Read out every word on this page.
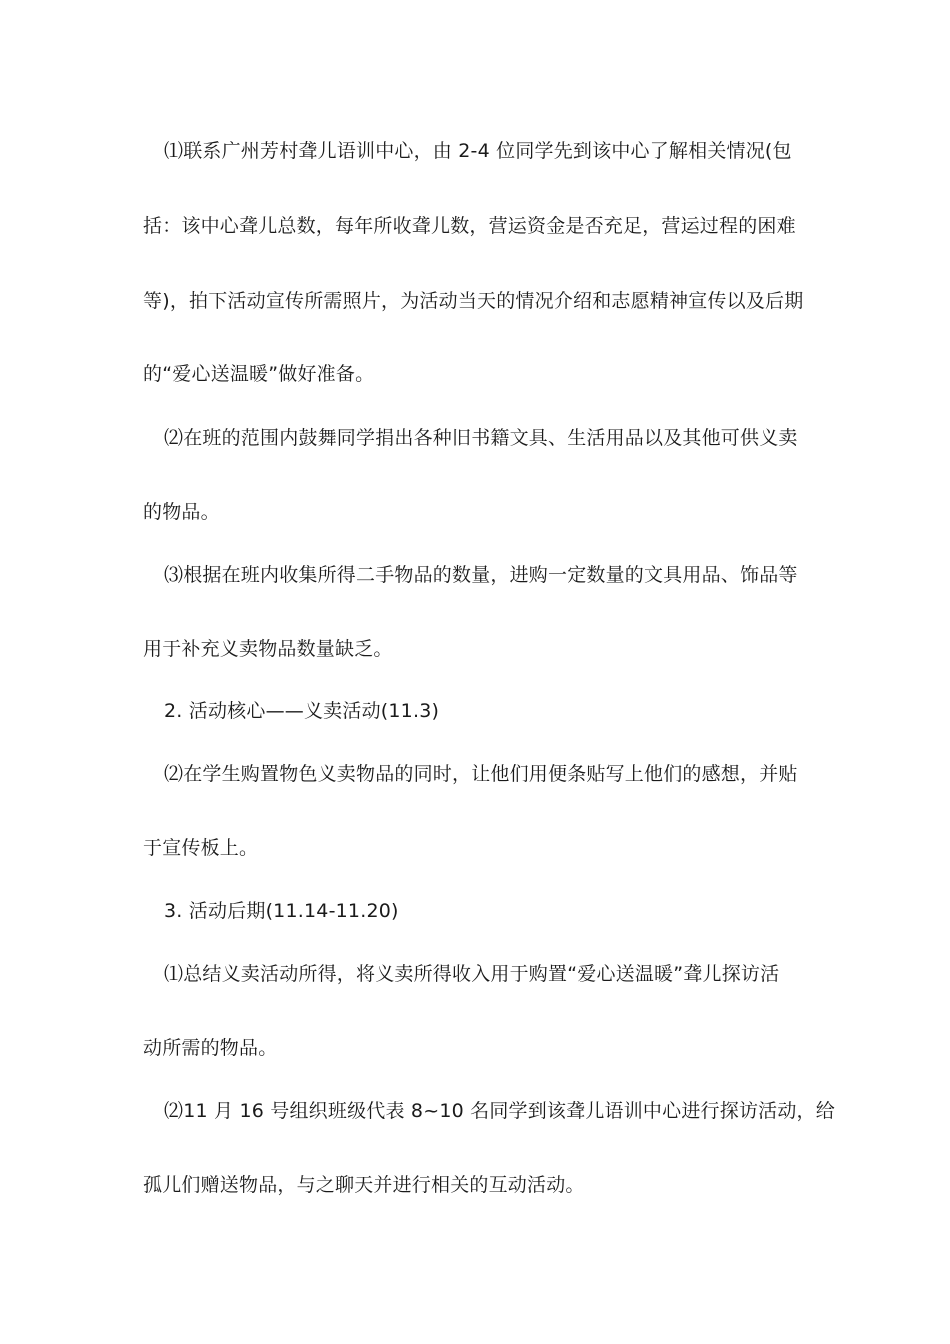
⑴联系广州芳村聋儿语训中心，由 2-4 位同学先到该中心了解相关情况(包
括：该中心聋儿总数，每年所收聋儿数，营运资金是否充足，营运过程的困难
等)，拍下活动宣传所需照片，为活动当天的情况介绍和志愿精神宣传以及后期
的“爱心送温暖”做好准备。
⑵在班的范围内鼓舞同学捐出各种旧书籍文具、生活用品以及其他可供义卖
的物品。
⑶根据在班内收集所得二手物品的数量，进购一定数量的文具用品、饰品等
用于补充义卖物品数量缺乏。
2. 活动核心——义卖活动(11.3)
⑵在学生购置物色义卖物品的同时，让他们用便条贴写上他们的感想，并贴
于宣传板上。
3. 活动后期(11.14-11.20)
⑴总结义卖活动所得，将义卖所得收入用于购置“爱心送温暖”聋儿探访活
动所需的物品。
⑵11 月 16 号组织班级代表 8~10 名同学到该聋儿语训中心进行探访活动，给
孤儿们赠送物品，与之聊天并进行相关的互动活动。
